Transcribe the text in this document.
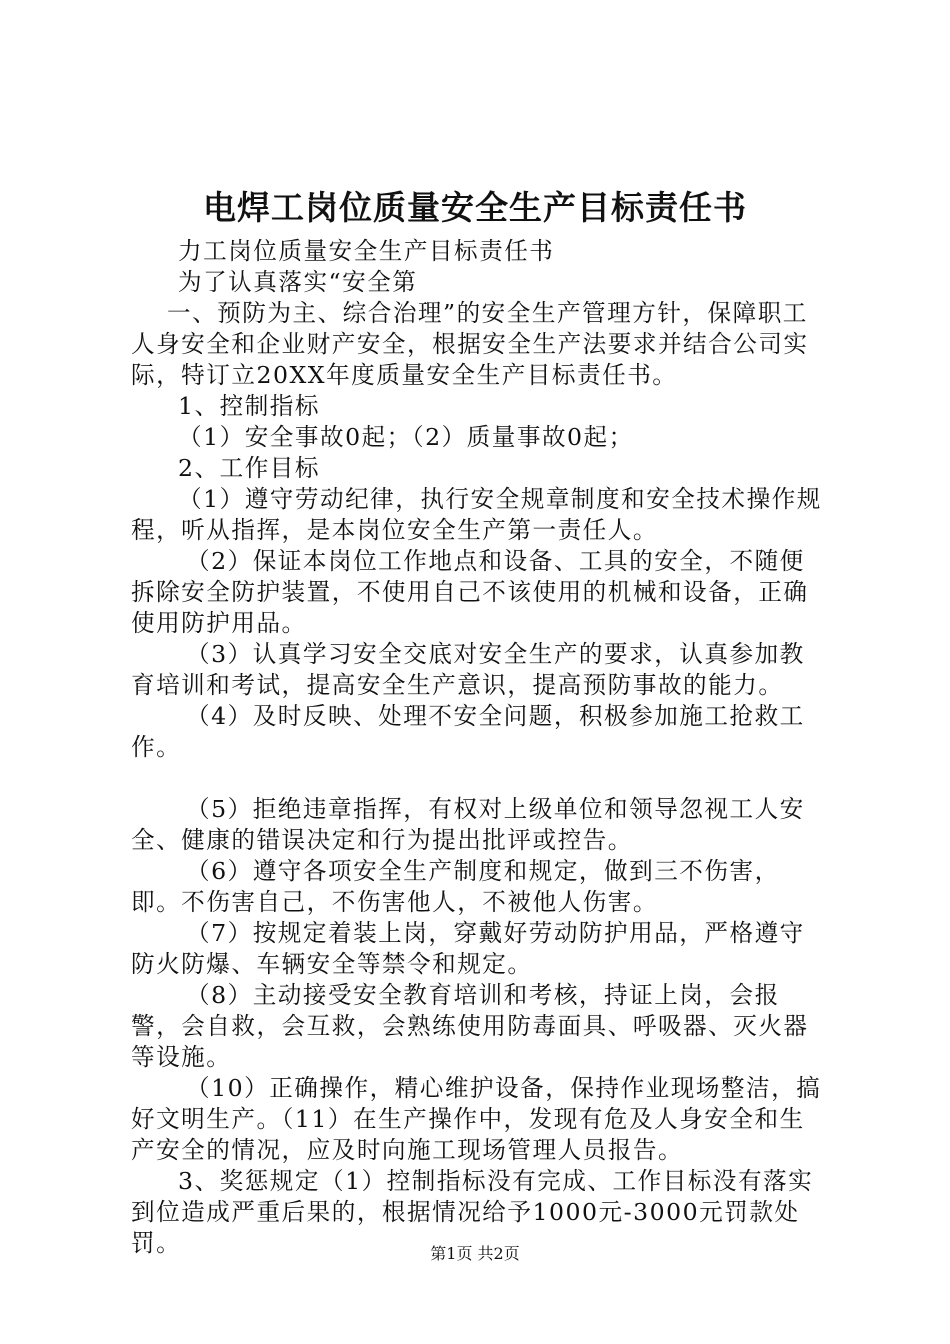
电焊工岗位质量安全生产目标责任书

力工岗位质量安全生产目标责任书

为了认真落实“安全第

一、预防为主、综合治理”的安全生产管理方针，保障职工人身安全和企业财产安全，根据安全生产法要求并结合公司实际，特订立20XX年度质量安全生产目标责任书。

1、控制指标

（1）安全事故0起；（2）质量事故0起；

2、工作目标

（1）遵守劳动纪律，执行安全规章制度和安全技术操作规程，听从指挥，是本岗位安全生产第一责任人。

（2）保证本岗位工作地点和设备、工具的安全，不随便拆除安全防护装置，不使用自己不该使用的机械和设备，正确使用防护用品。

（3）认真学习安全交底对安全生产的要求，认真参加教育培训和考试，提高安全生产意识，提高预防事故的能力。

（4）及时反映、处理不安全问题，积极参加施工抢救工作。

（5）拒绝违章指挥，有权对上级单位和领导忽视工人安全、健康的错误决定和行为提出批评或控告。

（6）遵守各项安全生产制度和规定，做到三不伤害，即。不伤害自己，不伤害他人，不被他人伤害。

（7）按规定着装上岗，穿戴好劳动防护用品，严格遵守防火防爆、车辆安全等禁令和规定。

（8）主动接受安全教育培训和考核，持证上岗，会报警，会自救，会互救，会熟练使用防毒面具、呼吸器、灭火器等设施。

（10）正确操作，精心维护设备，保持作业现场整洁，搞好文明生产。（11）在生产操作中，发现有危及人身安全和生产安全的情况，应及时向施工现场管理人员报告。

3、奖惩规定（1）控制指标没有完成、工作目标没有落实到位造成严重后果的，根据情况给予1000元-3000元罚款处罚。	第1页 共2页
